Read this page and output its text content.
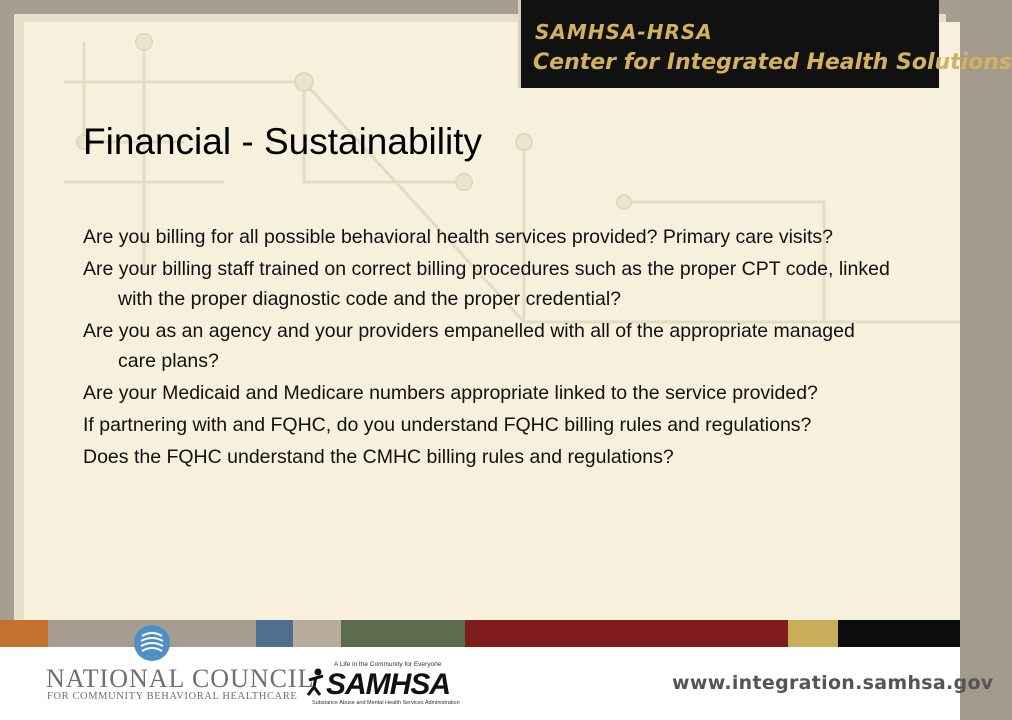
SAMHSA-HRSA
Center for Integrated Health Solutions
Financial - Sustainability
Are you billing for all possible behavioral health services provided? Primary care visits?
Are your billing staff trained on correct billing procedures such as the proper CPT code, linked with the proper diagnostic code and the proper credential?
Are you as an agency and your providers empanelled with all of the appropriate managed care plans?
Are your Medicaid and Medicare numbers appropriate linked to the service provided?
If partnering with and FQHC, do you understand FQHC billing rules and regulations?
Does the FQHC understand the CMHC billing rules and regulations?
NATIONAL COUNCIL
FOR COMMUNITY BEHAVIORAL HEALTHCARE
A Life in the Community for Everyone
SAMHSA
Substance Abuse and Mental Health Services Administration
www.integration.samhsa.gov
